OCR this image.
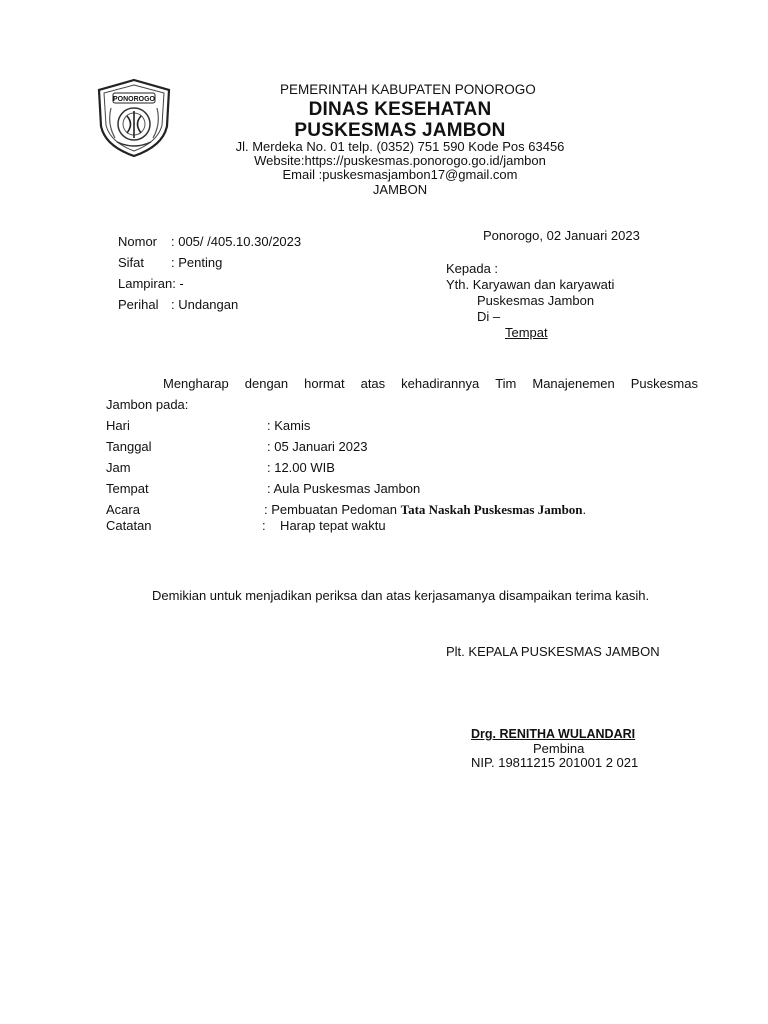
PONOROGO
PEMERINTAH KABUPATEN PONOROGO
DINAS KESEHATAN
PUSKESMAS JAMBON
Jl. Merdeka No. 01 telp. (0352) 751 590 Kode Pos 63456
Website:https://puskesmas.ponorogo.go.id/jambon
Email :puskesmasjambon17@gmail.com
JAMBON
Ponorogo, 02 Januari 2023
Nomor : 005/ /405.10.30/2023
Sifat : Penting
Lampiran: -
Perihal : Undangan
Kepada :
Yth. Karyawan dan karyawati
Puskesmas Jambon
Di –
Tempat
Mengharap dengan hormat atas kehadirannya Tim Manajenemen Puskesmas
Jambon pada:
Hari	: Kamis
Tanggal	: 05 Januari 2023
Jam	: 12.00 WIB
Tempat	: Aula Puskesmas Jambon
Acara	: Pembuatan Pedoman Tata Naskah Puskesmas Jambon.
Catatan	:    Harap tepat waktu
Demikian untuk menjadikan periksa dan atas kerjasamanya disampaikan terima kasih.
Plt. KEPALA PUSKESMAS JAMBON
Drg. RENITHA WULANDARI
Pembina
NIP. 19811215 201001 2 021
